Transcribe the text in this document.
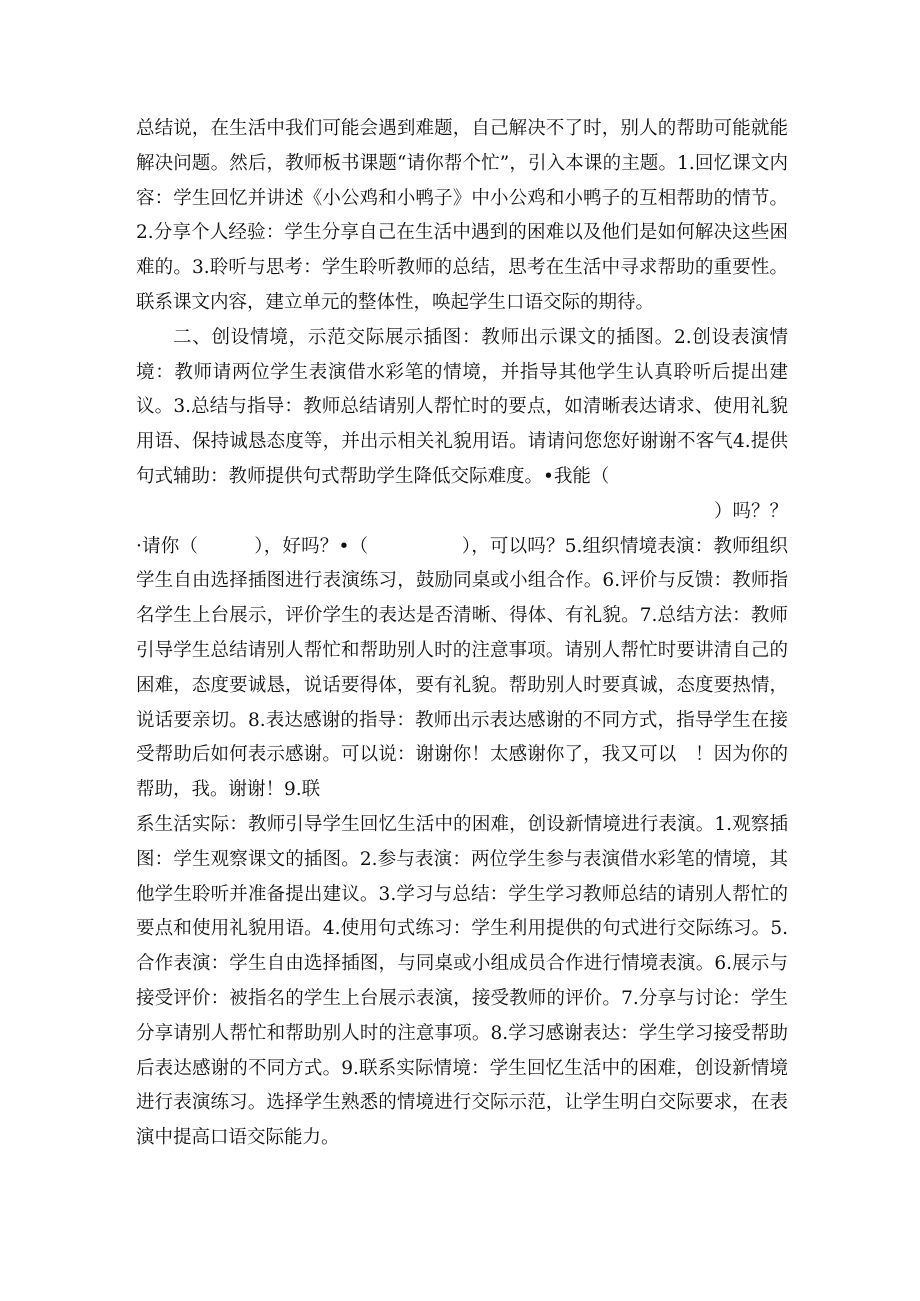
总结说，在生活中我们可能会遇到难题，自己解决不了时，别人的帮助可能就能解决问题。然后，教师板书课题“请你帮个忙”，引入本课的主题。1.回忆课文内容：学生回忆并讲述《小公鸡和小鸭子》中小公鸡和小鸭子的互相帮助的情节。2.分享个人经验：学生分享自己在生活中遇到的困难以及他们是如何解决这些困难的。3.聆听与思考：学生聆听教师的总结，思考在生活中寻求帮助的重要性。联系课文内容，建立单元的整体性，唤起学生口语交际的期待。

二、创设情境，示范交际展示插图：教师出示课文的插图。2.创设表演情境：教师请两位学生表演借水彩笔的情境，并指导其他学生认真聆听后提出建议。3.总结与指导：教师总结请别人帮忙时的要点，如清晰表达请求、使用礼貌用语、保持诚恳态度等，并出示相关礼貌用语。请请问您您好谢谢不客气4.提供句式辅助：教师提供句式帮助学生降低交际难度。•我能（

）吗？？

·请你（　　　），好吗？•（　　　　　），可以吗？5.组织情境表演：教师组织学生自由选择插图进行表演练习，鼓励同桌或小组合作。6.评价与反馈：教师指名学生上台展示，评价学生的表达是否清晰、得体、有礼貌。7.总结方法：教师引导学生总结请别人帮忙和帮助别人时的注意事项。请别人帮忙时要讲清自己的困难，态度要诚恳，说话要得体，要有礼貌。帮助别人时要真诚，态度要热情，说话要亲切。8.表达感谢的指导：教师出示表达感谢的不同方式，指导学生在接受帮助后如何表示感谢。可以说：谢谢你！太感谢你了，我又可以　！因为你的帮助，我。谢谢！9.联

系生活实际：教师引导学生回忆生活中的困难，创设新情境进行表演。1.观察插图：学生观察课文的插图。2.参与表演：两位学生参与表演借水彩笔的情境，其他学生聆听并准备提出建议。3.学习与总结：学生学习教师总结的请别人帮忙的要点和使用礼貌用语。4.使用句式练习：学生利用提供的句式进行交际练习。5.合作表演：学生自由选择插图，与同桌或小组成员合作进行情境表演。6.展示与接受评价：被指名的学生上台展示表演，接受教师的评价。7.分享与讨论：学生分享请别人帮忙和帮助别人时的注意事项。8.学习感谢表达：学生学习接受帮助后表达感谢的不同方式。9.联系实际情境：学生回忆生活中的困难，创设新情境进行表演练习。选择学生熟悉的情境进行交际示范，让学生明白交际要求，在表演中提高口语交际能力。
